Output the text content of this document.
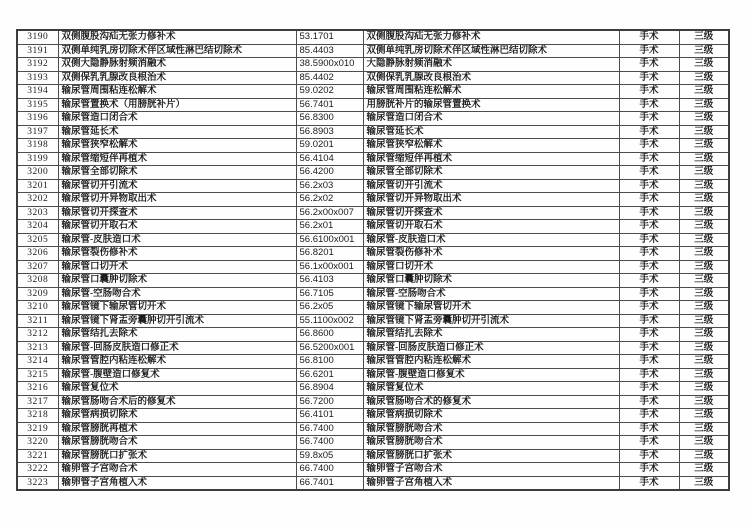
3190	双侧腹股沟疝无张力修补术	53.1701	双侧腹股沟疝无张力修补术	手术	三级
3191	双侧单纯乳房切除术伴区域性淋巴结切除术	85.4403	双侧单纯乳房切除术伴区域性淋巴结切除术	手术	三级
3192	双侧大隐静脉射频消融术	38.5900x010	大隐静脉射频消融术	手术	三级
3193	双侧保乳乳腺改良根治术	85.4402	双侧保乳乳腺改良根治术	手术	三级
3194	输尿管周围粘连松解术	59.0202	输尿管周围粘连松解术	手术	三级
3195	输尿管置换术（用膀胱补片）	56.7401	用膀胱补片的输尿管置换术	手术	三级
3196	输尿管造口闭合术	56.8300	输尿管造口闭合术	手术	三级
3197	输尿管延长术	56.8903	输尿管延长术	手术	三级
3198	输尿管狭窄松解术	59.0201	输尿管狭窄松解术	手术	三级
3199	输尿管缩短伴再植术	56.4104	输尿管缩短伴再植术	手术	三级
3200	输尿管全部切除术	56.4200	输尿管全部切除术	手术	三级
3201	输尿管切开引流术	56.2x03	输尿管切开引流术	手术	三级
3202	输尿管切开异物取出术	56.2x02	输尿管切开异物取出术	手术	三级
3203	输尿管切开探查术	56.2x00x007	输尿管切开探查术	手术	三级
3204	输尿管切开取石术	56.2x01	输尿管切开取石术	手术	三级
3205	输尿管-皮肤造口术	56.6100x001	输尿管-皮肤造口术	手术	三级
3206	输尿管裂伤修补术	56.8201	输尿管裂伤修补术	手术	三级
3207	输尿管口切开术	56.1x00x001	输尿管口切开术	手术	三级
3208	输尿管口囊肿切除术	56.4103	输尿管口囊肿切除术	手术	三级
3209	输尿管-空肠吻合术	56.7105	输尿管-空肠吻合术	手术	三级
3210	输尿管镜下输尿管切开术	56.2x05	输尿管镜下输尿管切开术	手术	三级
3211	输尿管镜下肾盂旁囊肿切开引流术	55.1100x002	输尿管镜下肾盂旁囊肿切开引流术	手术	三级
3212	输尿管结扎去除术	56.8600	输尿管结扎去除术	手术	三级
3213	输尿管-回肠皮肤造口修正术	56.5200x001	输尿管-回肠皮肤造口修正术	手术	三级
3214	输尿管管腔内粘连松解术	56.8100	输尿管管腔内粘连松解术	手术	三级
3215	输尿管-腹壁造口修复术	56.6201	输尿管-腹壁造口修复术	手术	三级
3216	输尿管复位术	56.8904	输尿管复位术	手术	三级
3217	输尿管肠吻合术后的修复术	56.7200	输尿管肠吻合术的修复术	手术	三级
3218	输尿管病损切除术	56.4101	输尿管病损切除术	手术	三级
3219	输尿管膀胱再植术	56.7400	输尿管膀胱吻合术	手术	三级
3220	输尿管膀胱吻合术	56.7400	输尿管膀胱吻合术	手术	三级
3221	输尿管膀胱口扩张术	59.8x05	输尿管膀胱口扩张术	手术	三级
3222	输卵管子宫吻合术	66.7400	输卵管子宫吻合术	手术	三级
3223	输卵管子宫角植入术	66.7401	输卵管子宫角植入术	手术	三级
